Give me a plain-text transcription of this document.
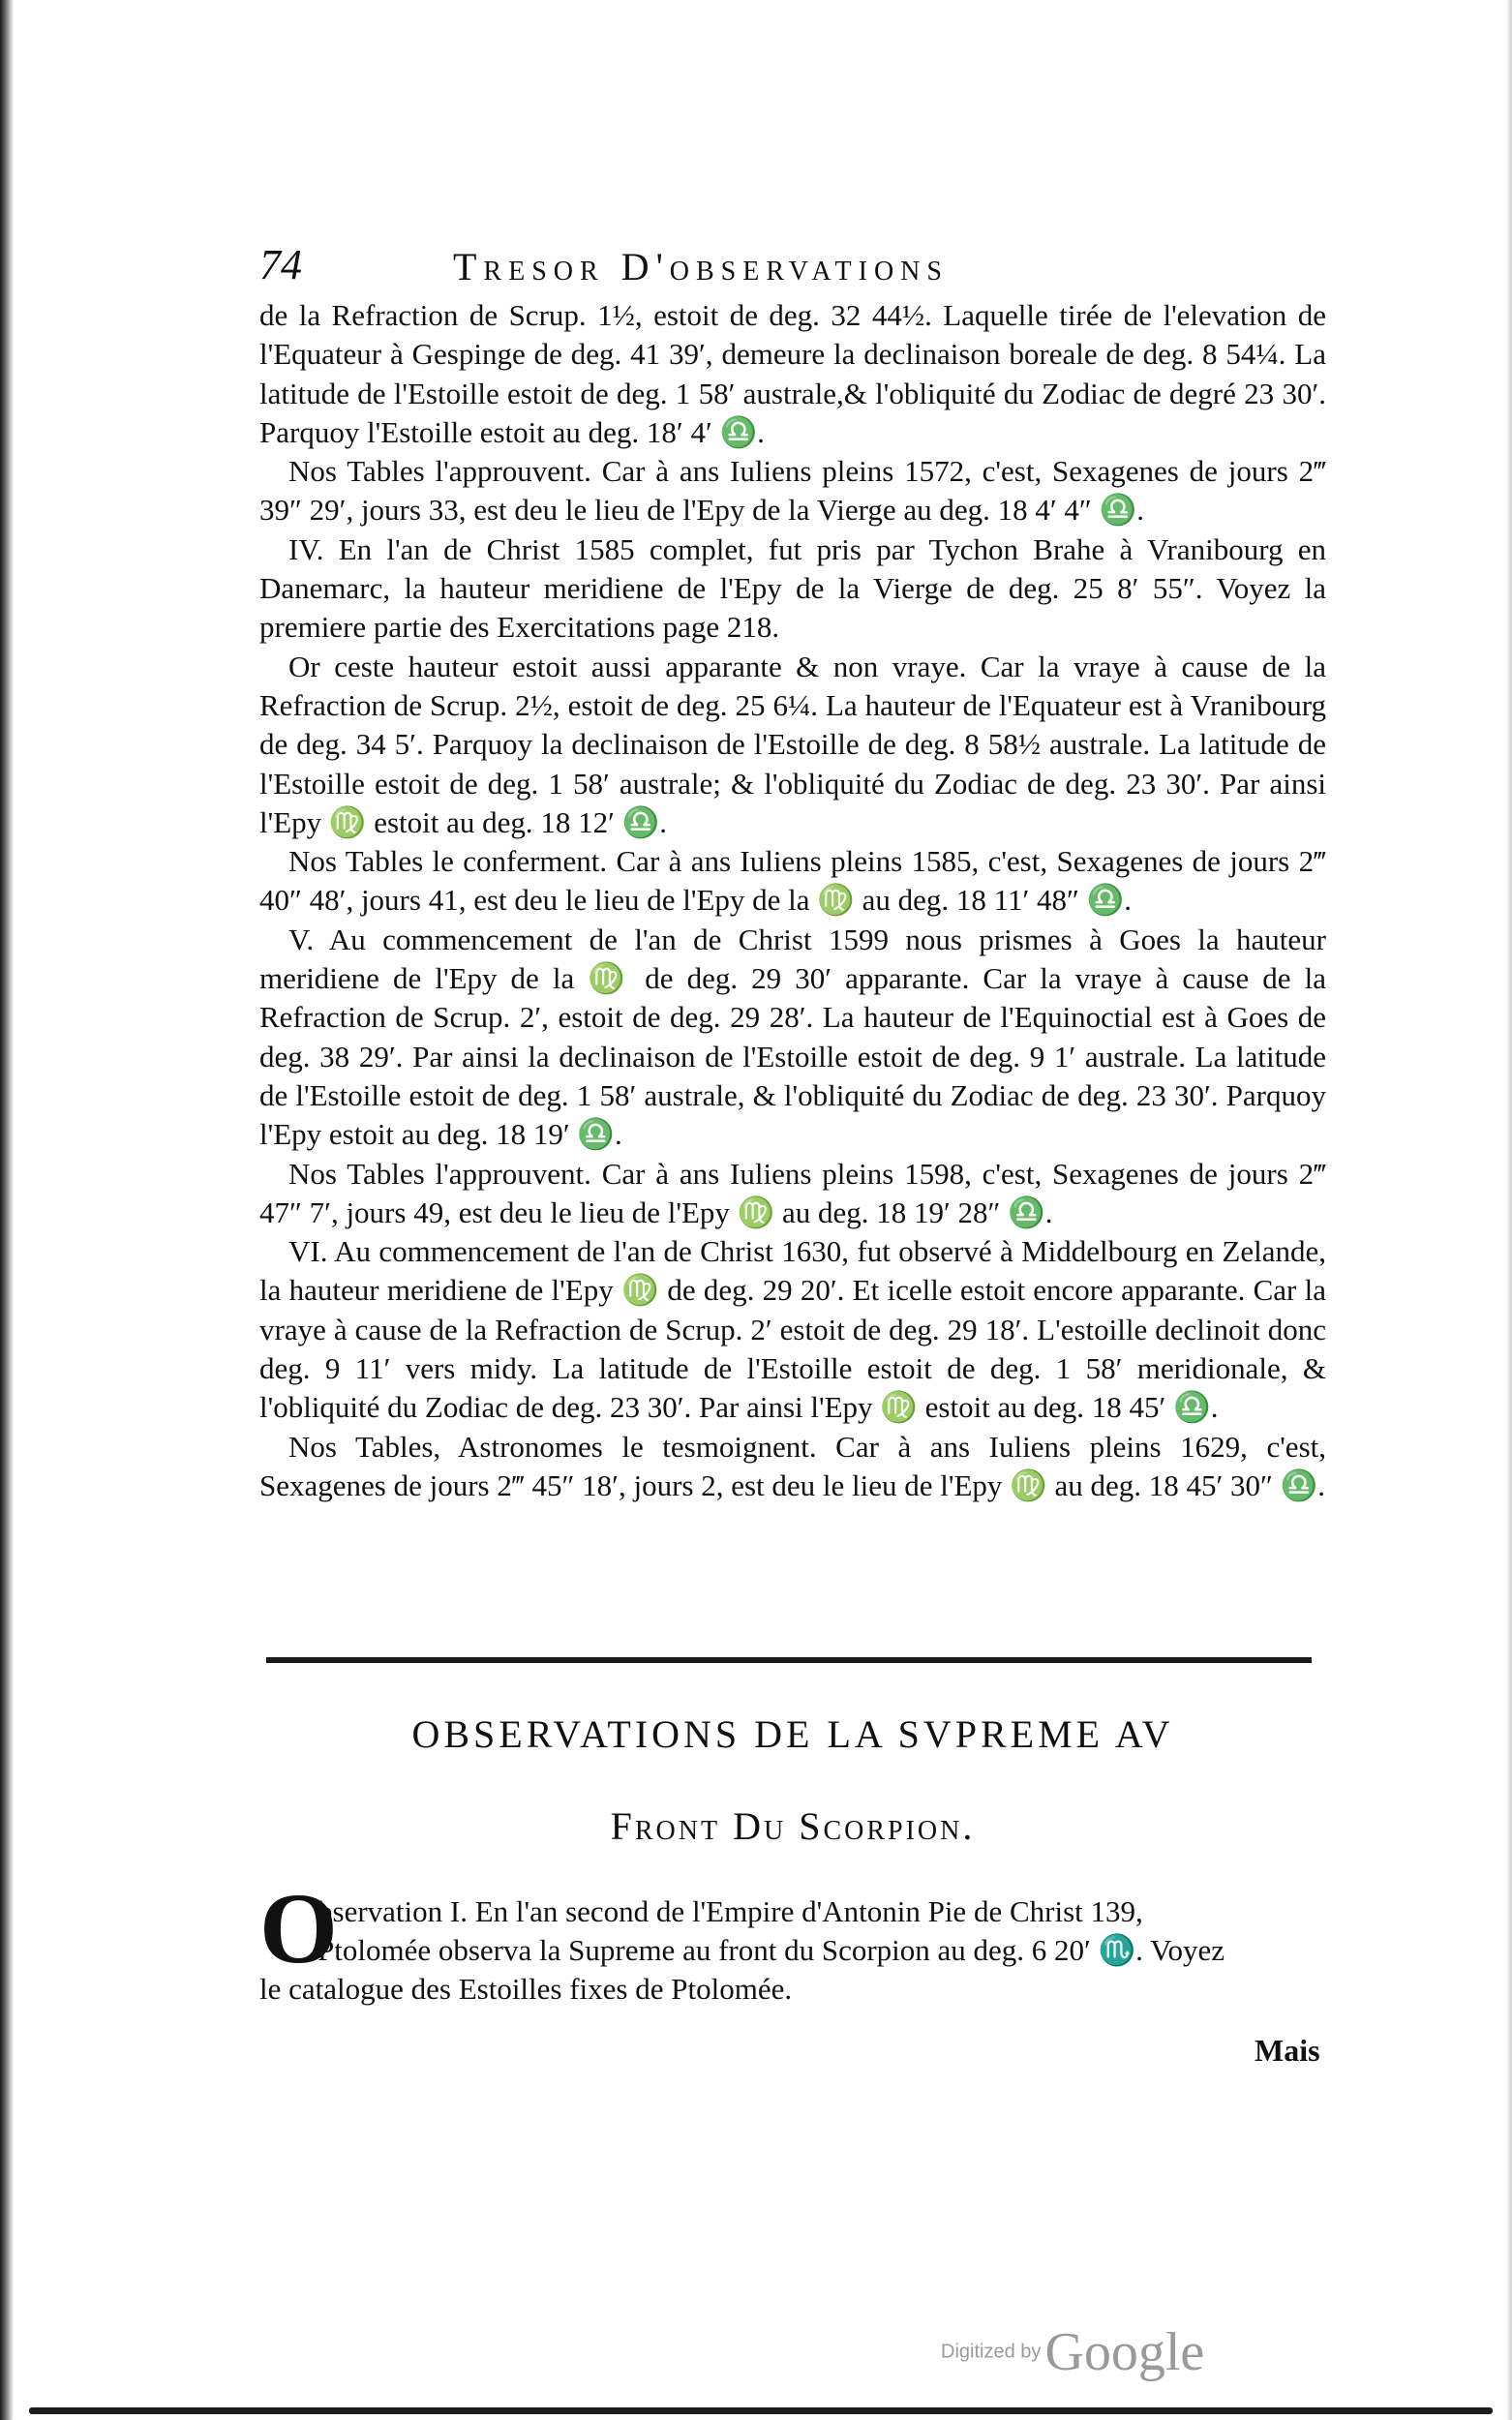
74	Tresor D'observations

de la Refraction de Scrup. 1½, estoit de deg. 32 44½. Laquelle tirée de l'elevation de l'Equateur à Gespinge de deg. 41 39′, demeure la declinaison boreale de deg. 8 54¼. La latitude de l'Estoille estoit de deg. 1 58′ australe,& l'obliquité du Zodiac de degré 23 30′. Parquoy l'Estoille estoit au deg. 18′ 4′ ♎.

Nos Tables l'approuvent. Car à ans Iuliens pleins 1572, c'est, Sexagenes de jours 2‴ 39″ 29′, jours 33, est deu le lieu de l'Epy de la Vierge au deg. 18 4′ 4″ ♎.

IV. En l'an de Christ 1585 complet, fut pris par Tychon Brahe à Vranibourg en Danemarc, la hauteur meridiene de l'Epy de la Vierge de deg. 25 8′ 55″. Voyez la premiere partie des Exercitations page 218.

Or ceste hauteur estoit aussi apparante & non vraye. Car la vraye à cause de la Refraction de Scrup. 2½, estoit de deg. 25 6¼. La hauteur de l'Equateur est à Vranibourg de deg. 34 5′. Parquoy la declinaison de l'Estoille de deg. 8 58½ australe. La latitude de l'Estoille estoit de deg. 1 58′ australe; & l'obliquité du Zodiac de deg. 23 30′. Par ainsi l'Epy ♍ estoit au deg. 18 12′ ♎.

Nos Tables le conferment. Car à ans Iuliens pleins 1585, c'est, Sexagenes de jours 2‴ 40″ 48′, jours 41, est deu le lieu de l'Epy de la ♍ au deg. 18 11′ 48″ ♎.

V. Au commencement de l'an de Christ 1599 nous prismes à Goes la hauteur meridiene de l'Epy de la ♍ de deg. 29 30′ apparante. Car la vraye à cause de la Refraction de Scrup. 2′, estoit de deg. 29 28′. La hauteur de l'Equinoctial est à Goes de deg. 38 29′. Par ainsi la declinaison de l'Estoille estoit de deg. 9 1′ australe. La latitude de l'Estoille estoit de deg. 1 58′ australe, & l'obliquité du Zodiac de deg. 23 30′. Parquoy l'Epy estoit au deg. 18 19′ ♎.

Nos Tables l'approuvent. Car à ans Iuliens pleins 1598, c'est, Sexagenes de jours 2‴ 47″ 7′, jours 49, est deu le lieu de l'Epy ♍ au deg. 18 19′ 28″ ♎.

VI. Au commencement de l'an de Christ 1630, fut observé à Middelbourg en Zelande, la hauteur meridiene de l'Epy ♍ de deg. 29 20′. Et icelle estoit encore apparante. Car la vraye à cause de la Refraction de Scrup. 2′ estoit de deg. 29 18′. L'estoille declinoit donc deg. 9 11′ vers midy. La latitude de l'Estoille estoit de deg. 1 58′ meridionale, & l'obliquité du Zodiac de deg. 23 30′. Par ainsi l'Epy ♍ estoit au deg. 18 45′ ♎.

Nos Tables, Astronomes le tesmoignent. Car à ans Iuliens pleins 1629, c'est, Sexagenes de jours 2‴ 45″ 18′, jours 2, est deu le lieu de l'Epy ♍ au deg. 18 45′ 30″ ♎.

OBSERVATIONS DE LA SVPREME AV
Front Du Scorpion.
O

bservation I. En l'an second de l'Empire d'Antonin Pie de Christ 139,

Ptolomée observa la Supreme au front du Scorpion au deg. 6 20′ ♏. Voyez

le catalogue des Estoilles fixes de Ptolomée.

Mais
Digitized byGoogle
